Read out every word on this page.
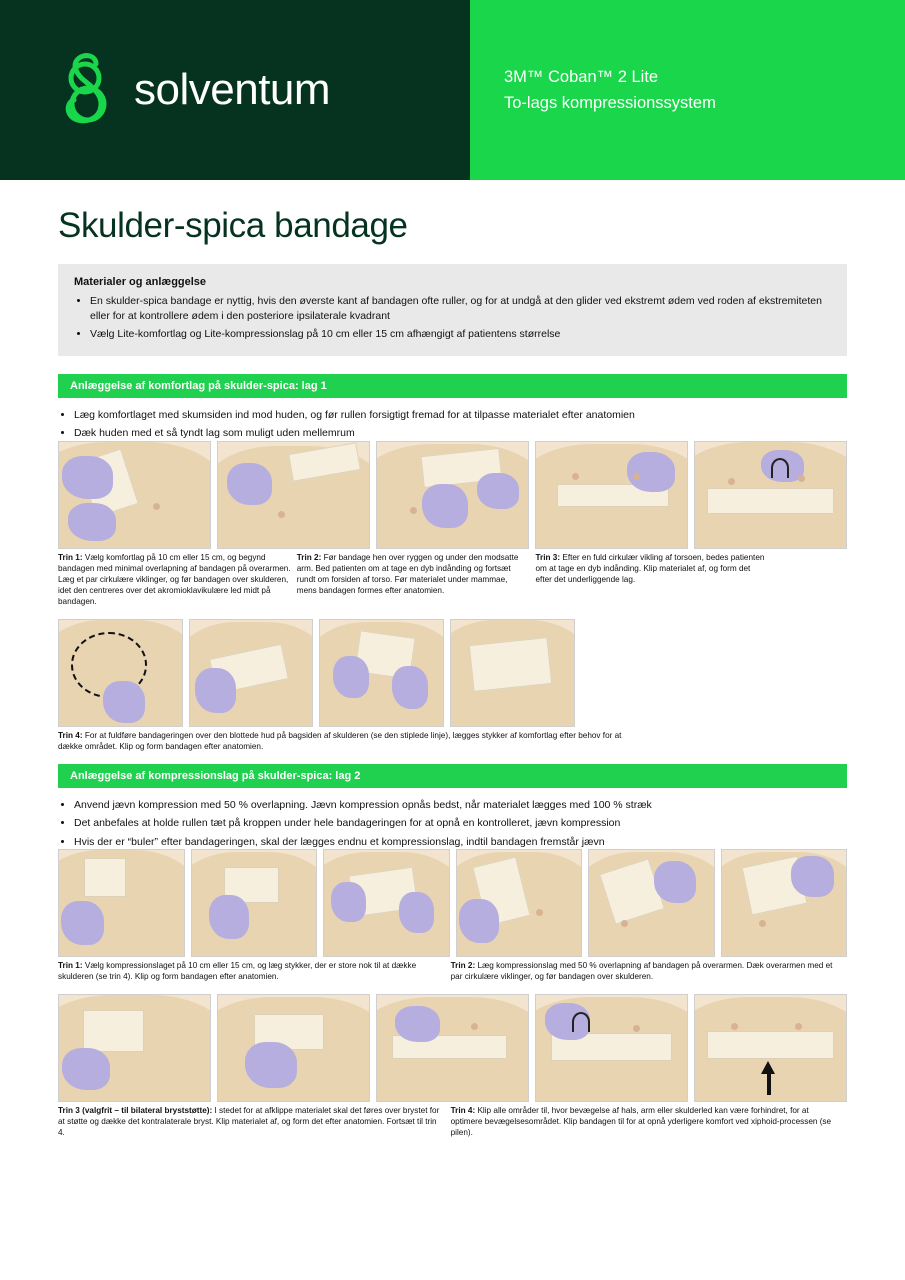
solventum	3M™ Coban™ 2 Lite
To-lags kompressionssystem
Skulder-spica bandage
Materialer og anlæggelse
• En skulder-spica bandage er nyttig, hvis den øverste kant af bandagen ofte ruller, og for at undgå at den glider ved ekstremt ødem ved roden af ekstremiteten eller for at kontrollere ødem i den posteriore ipsilaterale kvadrant
• Vælg Lite-komfortlag og Lite-kompressionslag på 10 cm eller 15 cm afhængigt af patientens størrelse
Anlæggelse af komfortlag på skulder-spica: lag 1
• Læg komfortlaget med skumsiden ind mod huden, og før rullen forsigtigt fremad for at tilpasse materialet efter anatomien
• Dæk huden med et så tyndt lag som muligt uden mellemrum
Trin 1: Vælg komfortlag på 10 cm eller 15 cm, og begynd bandagen med minimal overlapning af bandagen på overarmen. Læg et par cirkulære viklinger, og før bandagen over skulderen, idet den centreres over det akromioklavikulære led midt på bandagen.
Trin 2: Før bandage hen over ryggen og under den modsatte arm. Bed patienten om at tage en dyb indånding og fortsæt rundt om forsiden af torso. Før materialet under mammae, mens bandagen formes efter anatomien.
Trin 3: Efter en fuld cirkulær vikling af torsoen, bedes patienten om at tage en dyb indånding. Klip materialet af, og form det efter det underliggende lag.
Trin 4: For at fuldføre bandageringen over den blottede hud på bagsiden af skulderen (se den stiplede linje), lægges stykker af komfortlag efter behov for at dække området. Klip og form bandagen efter anatomien.
Anlæggelse af kompressionslag på skulder-spica: lag 2
• Anvend jævn kompression med 50 % overlapning. Jævn kompression opnås bedst, når materialet lægges med 100 % stræk
• Det anbefales at holde rullen tæt på kroppen under hele bandageringen for at opnå en kontrolleret, jævn kompression
• Hvis der er “buler” efter bandageringen, skal der lægges endnu et kompressionslag, indtil bandagen fremstår jævn
Trin 1: Vælg kompressionslaget på 10 cm eller 15 cm, og læg stykker, der er store nok til at dække skulderen (se trin 4). Klip og form bandagen efter anatomien.
Trin 2: Læg kompressionslag med 50 % overlapning af bandagen på overarmen. Dæk overarmen med et par cirkulære viklinger, og før bandagen over skulderen.
Trin 3 (valgfrit – til bilateral bryststøtte): I stedet for at afklippe materialet skal det føres over brystet for at støtte og dække det kontralaterale bryst. Klip materialet af, og form det efter anatomien. Fortsæt til trin 4.
Trin 4: Klip alle områder til, hvor bevægelse af hals, arm eller skulderled kan være forhindret, for at optimere bevægelsesområdet. Klip bandagen til for at opnå yderligere komfort ved xiphoid-processen (se pilen).
